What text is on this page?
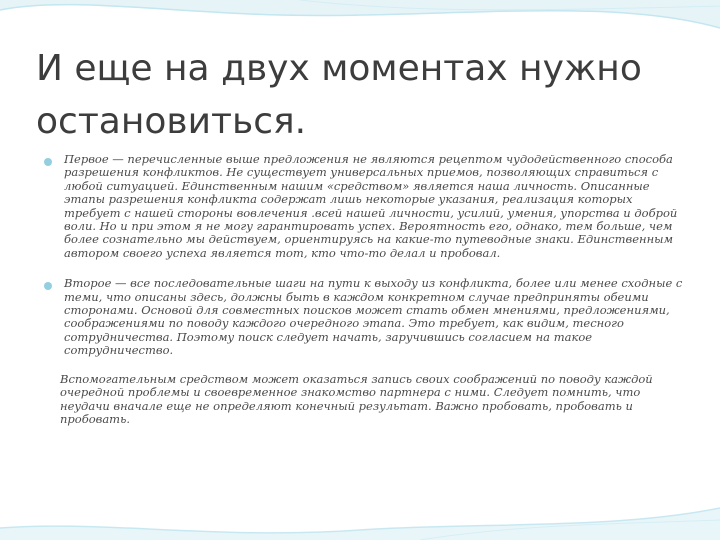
И еще на двух моментах нужно
остановиться.

Первое — перечисленные выше предложения не являются рецептом чудодейственного способа разрешения конфликтов. Не существует универсальных приемов, позволяющих справиться с любой ситуацией. Единственным нашим «средством» является наша личность. Описанные этапы разрешения конфликта содержат лишь некоторые указания, реализация которых требует с нашей стороны вовлечения .всей нашей личности, усилий, умения, упорства и доброй воли. Но и при этом я не могу гарантировать успех. Вероятность его, однако, тем больше, чем более сознательно мы действуем, ориентируясь на какие-то путеводные знаки. Единственным автором своего успеха является тот, кто что-то делал и пробовал.

Второе — все последовательные шаги на пути к выходу из конфликта, более или менее сходные с теми, что описаны здесь, должны быть в каждом конкретном случае предприняты обеими сторонами. Основой для совместных поисков может стать обмен мнениями, предложениями, соображениями по поводу каждого очередного этапа. Это требует, как видим, тесного сотрудничества. Поэтому поиск следует начать, заручившись согласием на такое сотрудничество.

Вспомогательным средством может оказаться запись своих соображений по поводу каждой очередной проблемы и своевременное знакомство партнера с ними. Следует помнить, что неудачи вначале еще не определяют конечный результат. Важно пробовать, пробовать и пробовать.
